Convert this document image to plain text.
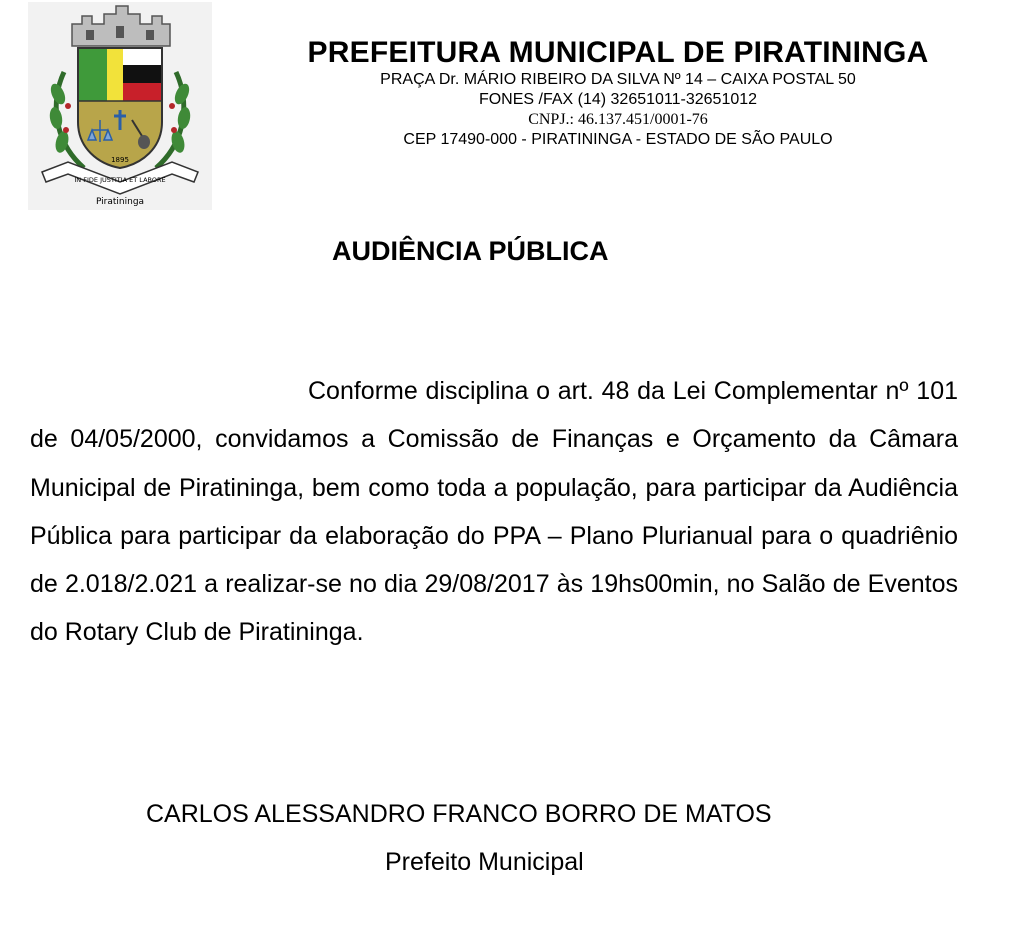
1895
IN FIDE JUSTITIA ET LABORE
Piratininga
PREFEITURA MUNICIPAL DE PIRATININGA
PRAÇA Dr. MÁRIO RIBEIRO DA SILVA Nº 14 – CAIXA POSTAL 50
FONES /FAX (14) 32651011-32651012
CNPJ.: 46.137.451/0001-76
CEP 17490-000 - PIRATININGA - ESTADO DE SÃO PAULO
AUDIÊNCIA PÚBLICA
Conforme disciplina o art. 48 da Lei Complementar nº 101 de 04/05/2000, convidamos a Comissão de Finanças e Orçamento da Câmara Municipal de Piratininga, bem como toda a população, para participar da Audiência Pública para participar da elaboração do PPA – Plano Plurianual para o quadriênio de 2.018/2.021 a realizar-se no dia 29/08/2017 às 19hs00min, no Salão de Eventos do Rotary Club de Piratininga.
CARLOS ALESSANDRO FRANCO BORRO DE MATOS
Prefeito Municipal
